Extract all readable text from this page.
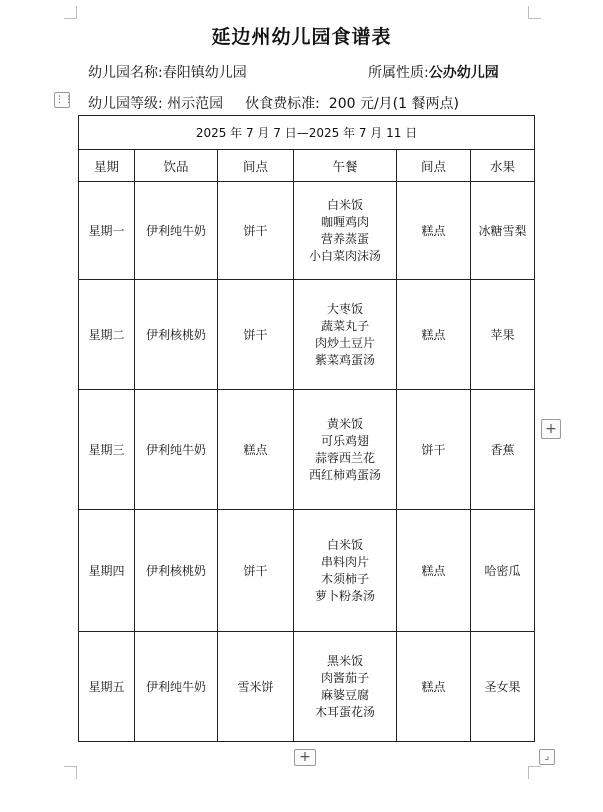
延边州幼儿园食谱表
幼儿园名称:春阳镇幼儿园	所属性质:公办幼儿园
⋮⋮ 幼儿园等级: 州示范园 伙食费标准: 200 元/月(1 餐两点)
2025 年 7 月 7 日—2025 年 7 月 11 日					
星期	饮品	间点	午餐	间点	水果
星期一	伊利纯牛奶	饼干	白米饭
咖喱鸡肉
营养蒸蛋
小白菜肉沫汤	糕点	冰糖雪梨
星期二	伊利核桃奶	饼干	大枣饭
蔬菜丸子
肉炒土豆片
紫菜鸡蛋汤	糕点	苹果
星期三	伊利纯牛奶	糕点	黄米饭
可乐鸡翅
蒜蓉西兰花
西红柿鸡蛋汤	饼干	香蕉
星期四	伊利核桃奶	饼干	白米饭
串料肉片
木须柿子
萝卜粉条汤	糕点	哈密瓜
星期五	伊利纯牛奶	雪米饼	黑米饭
肉酱茄子
麻婆豆腐
木耳蛋花汤	糕点	圣女果
+
+	⌟
